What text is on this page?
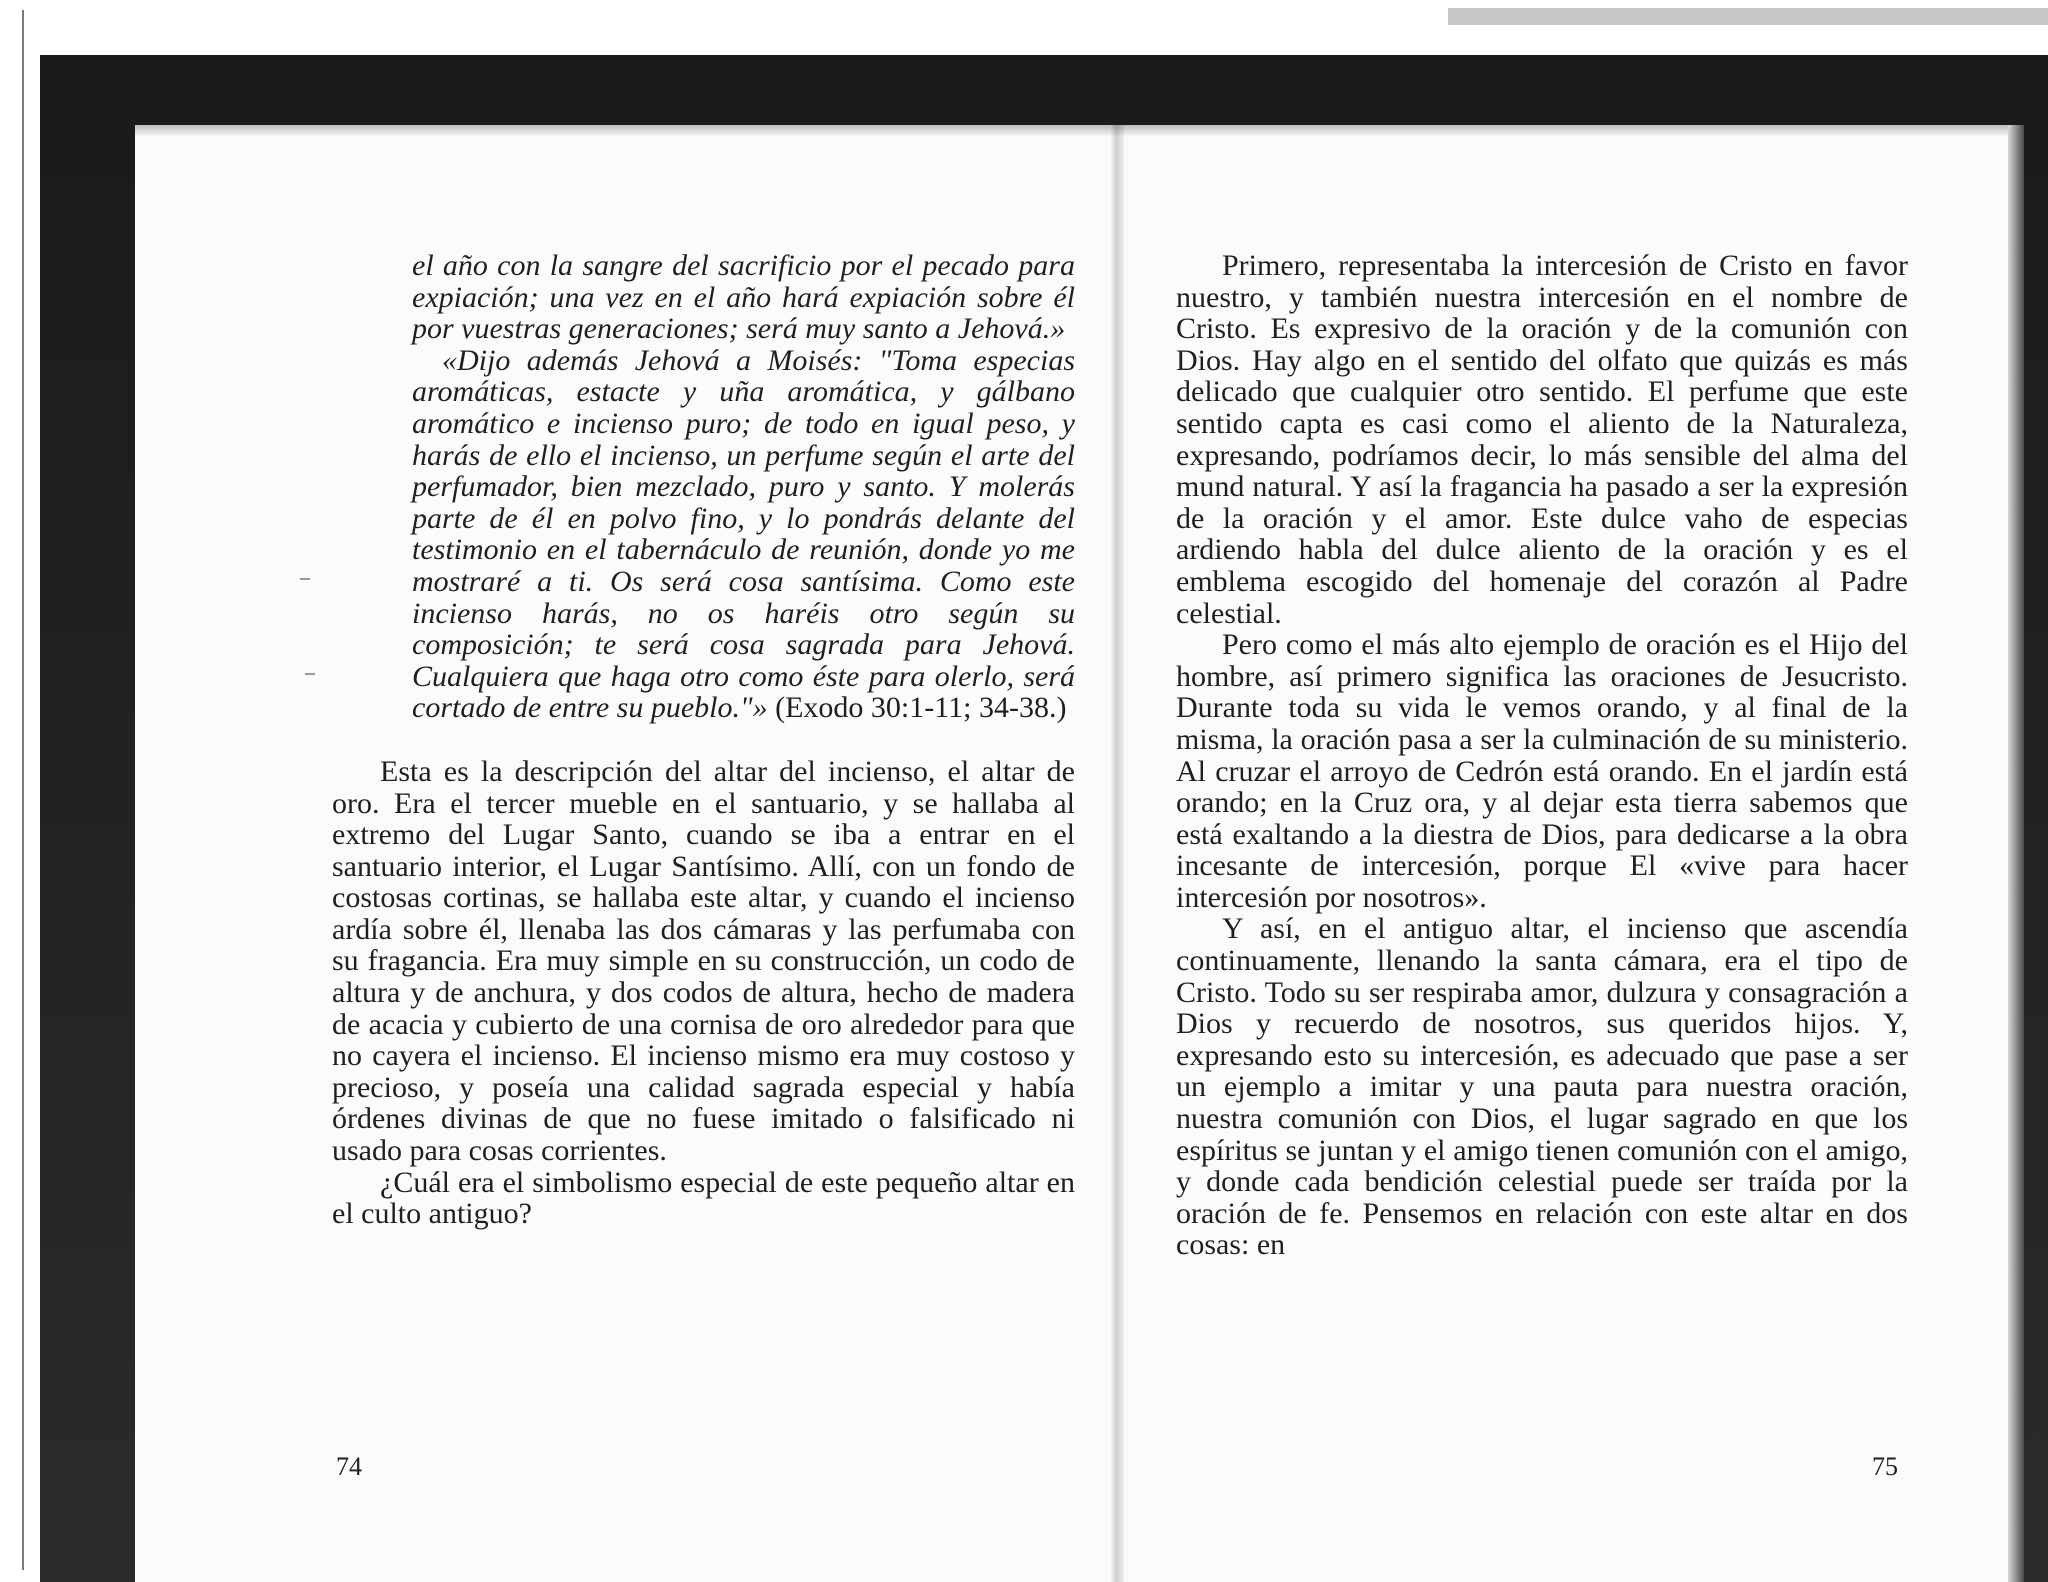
el año con la sangre del sacrificio por el pecado para expiación; una vez en el año hará expiación sobre él por vuestras generaciones; será muy santo a Jehová.»

«Dijo además Jehová a Moisés: "Toma especias aromáticas, estacte y uña aromática, y gálbano aromático e incienso puro; de todo en igual peso, y harás de ello el incienso, un perfume según el arte del perfumador, bien mezclado, puro y santo. Y molerás parte de él en polvo fino, y lo pondrás delante del testimonio en el tabernáculo de reunión, donde yo me mostraré a ti. Os será cosa santísima. Como este incienso harás, no os haréis otro según su composición; te será cosa sagrada para Jehová. Cualquiera que haga otro como éste para olerlo, será cortado de entre su pueblo."» (Exodo 30:1-11; 34-38.)

Esta es la descripción del altar del incienso, el altar de oro. Era el tercer mueble en el santuario, y se hallaba al extremo del Lugar Santo, cuando se iba a entrar en el santuario interior, el Lugar Santísimo. Allí, con un fondo de costosas cortinas, se hallaba este altar, y cuando el incienso ardía sobre él, llenaba las dos cámaras y las perfumaba con su fragancia. Era muy simple en su construcción, un codo de altura y de anchura, y dos codos de altura, hecho de madera de acacia y cubierto de una cornisa de oro alrededor para que no cayera el incienso. El incienso mismo era muy costoso y precioso, y poseía una calidad sagrada especial y había órdenes divinas de que no fuese imitado o falsificado ni usado para cosas corrientes.

¿Cuál era el simbolismo especial de este pequeño altar en el culto antiguo?

74

Primero, representaba la intercesión de Cristo en favor nuestro, y también nuestra intercesión en el nombre de Cristo. Es expresivo de la oración y de la comunión con Dios. Hay algo en el sentido del olfato que quizás es más delicado que cualquier otro sentido. El perfume que este sentido capta es casi como el aliento de la Naturaleza, expresando, podríamos decir, lo más sensible del alma del mund natural. Y así la fragancia ha pasado a ser la expresión de la oración y el amor. Este dulce vaho de especias ardiendo habla del dulce aliento de la oración y es el emblema escogido del homenaje del corazón al Padre celestial.

Pero como el más alto ejemplo de oración es el Hijo del hombre, así primero significa las oraciones de Jesucristo. Durante toda su vida le vemos orando, y al final de la misma, la oración pasa a ser la culminación de su ministerio. Al cruzar el arroyo de Cedrón está orando. En el jardín está orando; en la Cruz ora, y al dejar esta tierra sabemos que está exaltando a la diestra de Dios, para dedicarse a la obra incesante de intercesión, porque El «vive para hacer intercesión por nosotros».

Y así, en el antiguo altar, el incienso que ascendía continuamente, llenando la santa cámara, era el tipo de Cristo. Todo su ser respiraba amor, dulzura y consagración a Dios y recuerdo de nosotros, sus queridos hijos. Y, expresando esto su intercesión, es adecuado que pase a ser un ejemplo a imitar y una pauta para nuestra oración, nuestra comunión con Dios, el lugar sagrado en que los espíritus se juntan y el amigo tienen comunión con el amigo, y donde cada bendición celestial puede ser traída por la oración de fe. Pensemos en relación con este altar en dos cosas: en

75
